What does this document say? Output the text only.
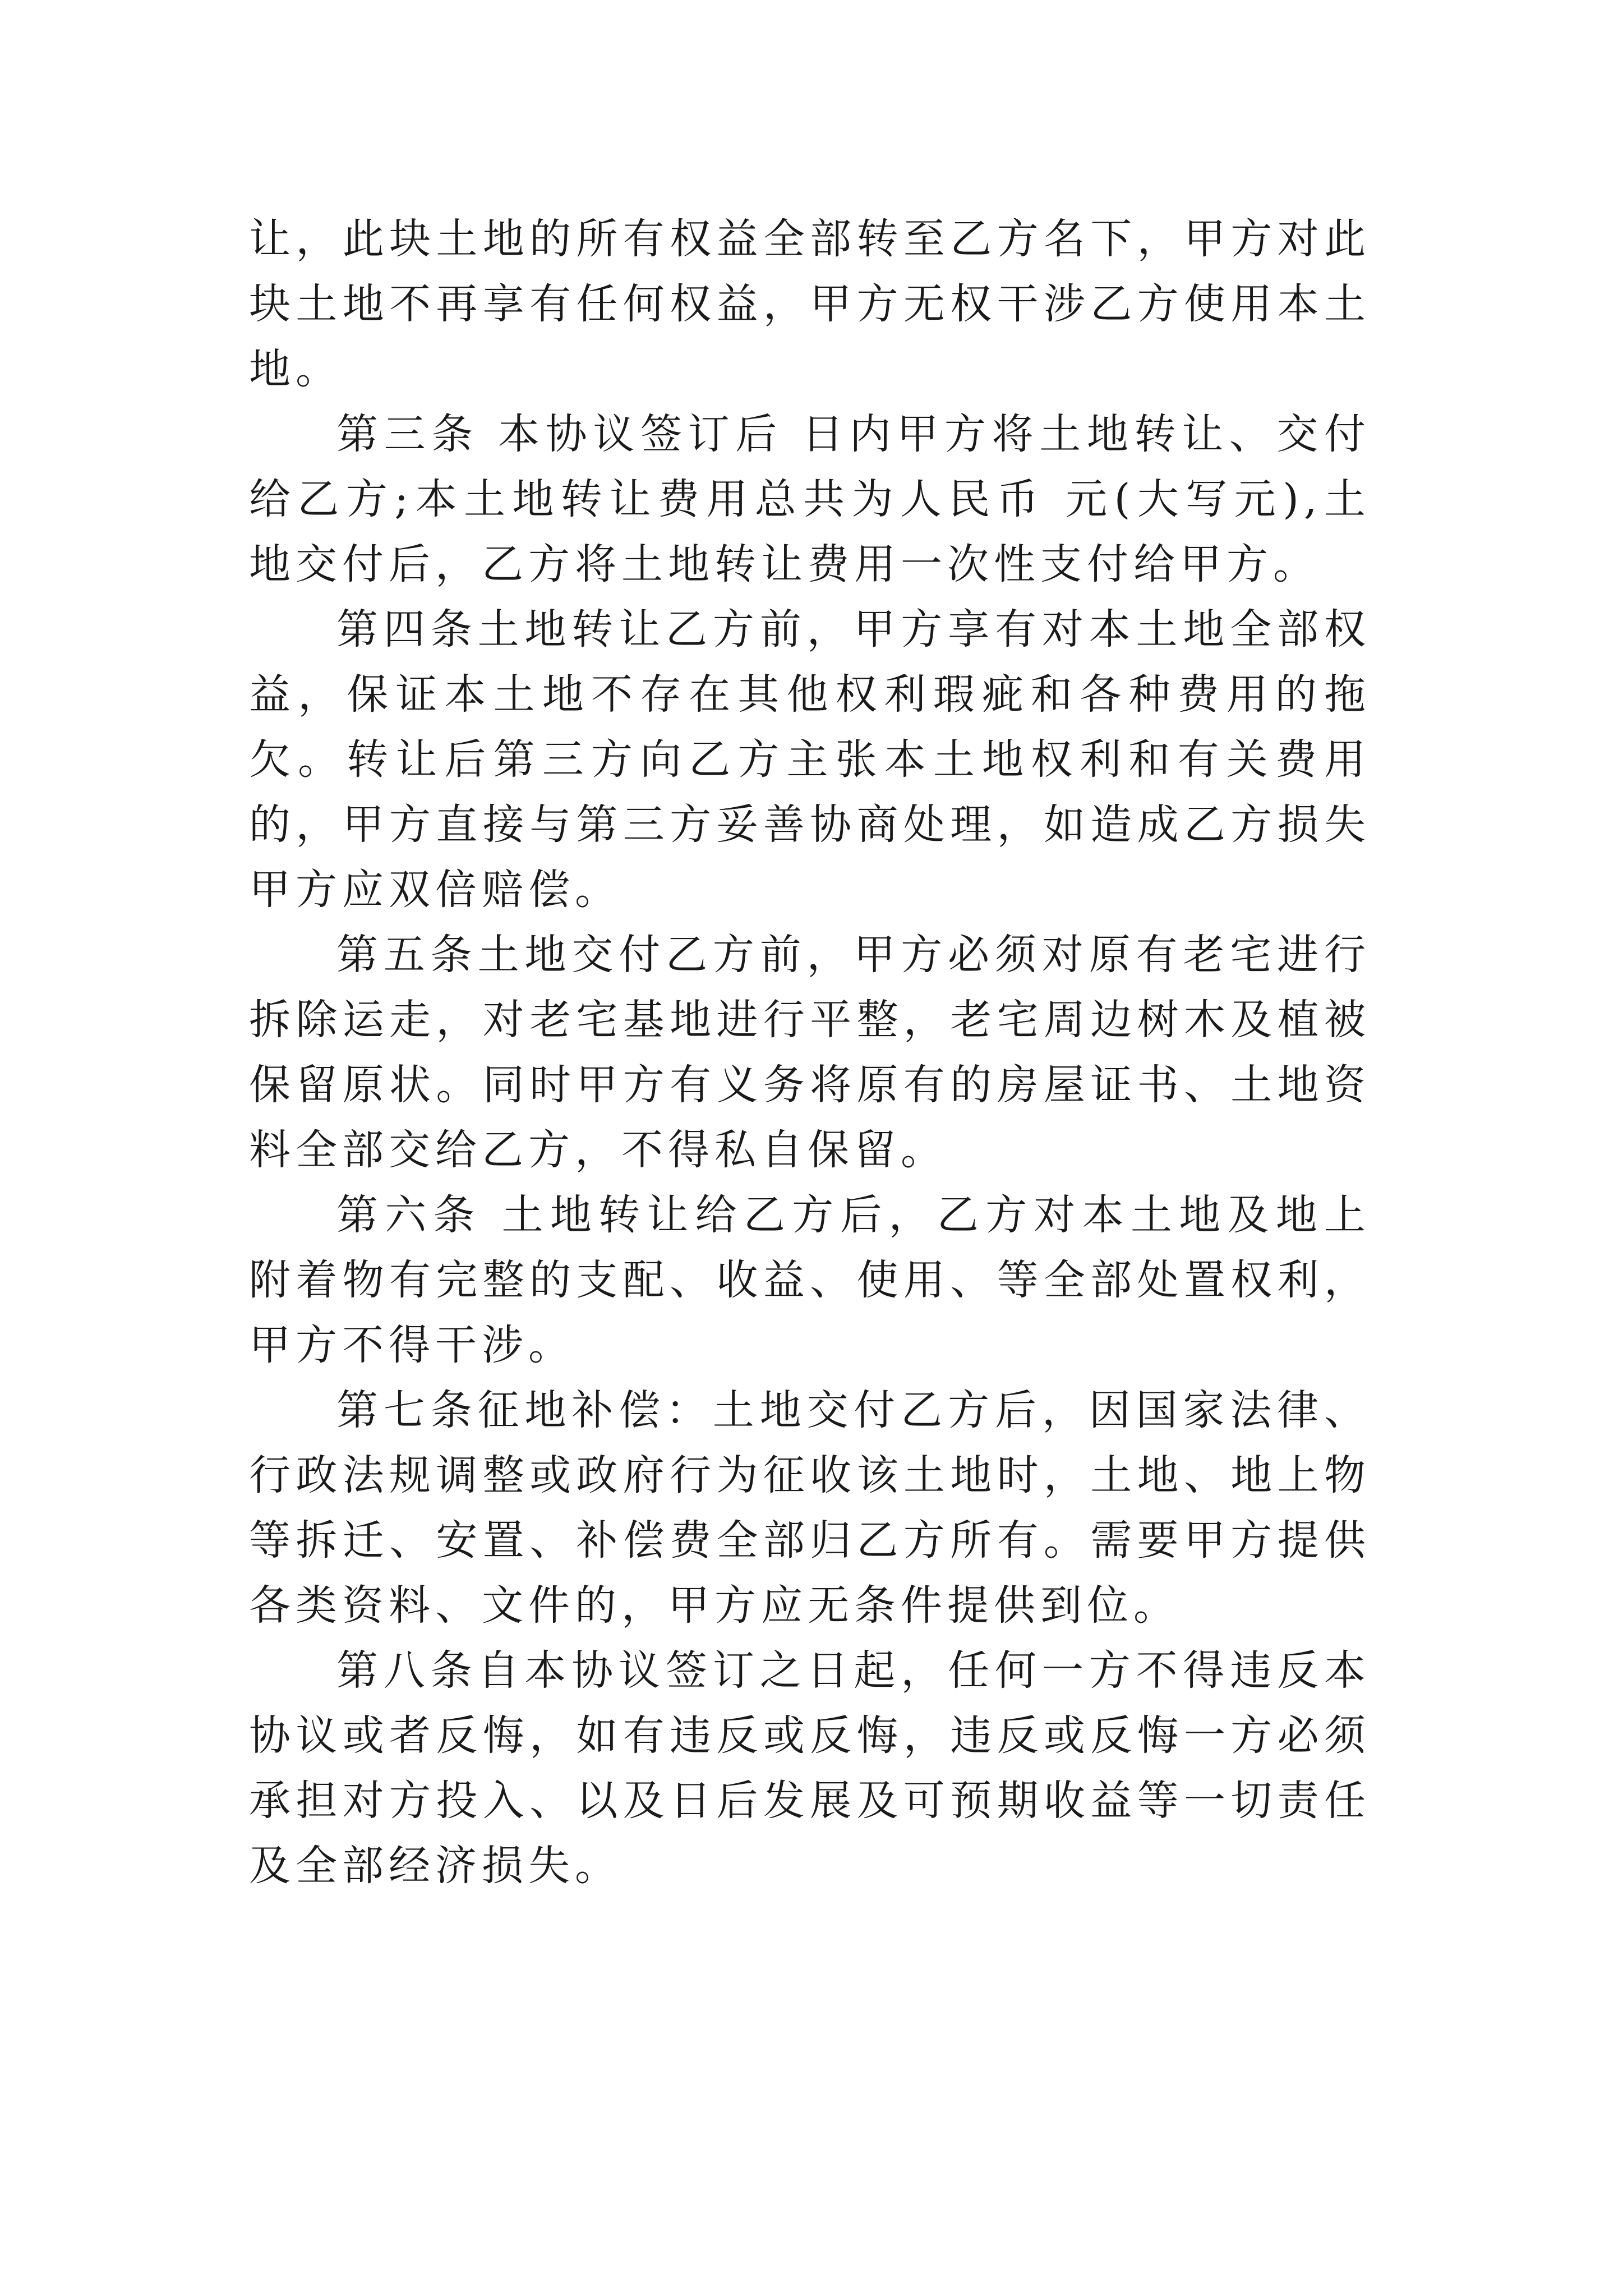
让，此块土地的所有权益全部转至乙方名下，甲方对此块土地不再享有任何权益，甲方无权干涉乙方使用本土地。

第三条 本协议签订后 日内甲方将土地转让、交付给乙方;本土地转让费用总共为人民币 元(大写元),土地交付后，乙方将土地转让费用一次性支付给甲方。

第四条土地转让乙方前，甲方享有对本土地全部权益，保证本土地不存在其他权利瑕疵和各种费用的拖欠。转让后第三方向乙方主张本土地权利和有关费用的，甲方直接与第三方妥善协商处理，如造成乙方损失甲方应双倍赔偿。

第五条土地交付乙方前，甲方必须对原有老宅进行拆除运走，对老宅基地进行平整，老宅周边树木及植被保留原状。同时甲方有义务将原有的房屋证书、土地资料全部交给乙方，不得私自保留。

第六条 土地转让给乙方后，乙方对本土地及地上附着物有完整的支配、收益、使用、等全部处置权利，甲方不得干涉。

第七条征地补偿：土地交付乙方后，因国家法律、行政法规调整或政府行为征收该土地时，土地、地上物等拆迁、安置、补偿费全部归乙方所有。需要甲方提供各类资料、文件的，甲方应无条件提供到位。

第八条自本协议签订之日起，任何一方不得违反本协议或者反悔，如有违反或反悔，违反或反悔一方必须承担对方投入、以及日后发展及可预期收益等一切责任及全部经济损失。
